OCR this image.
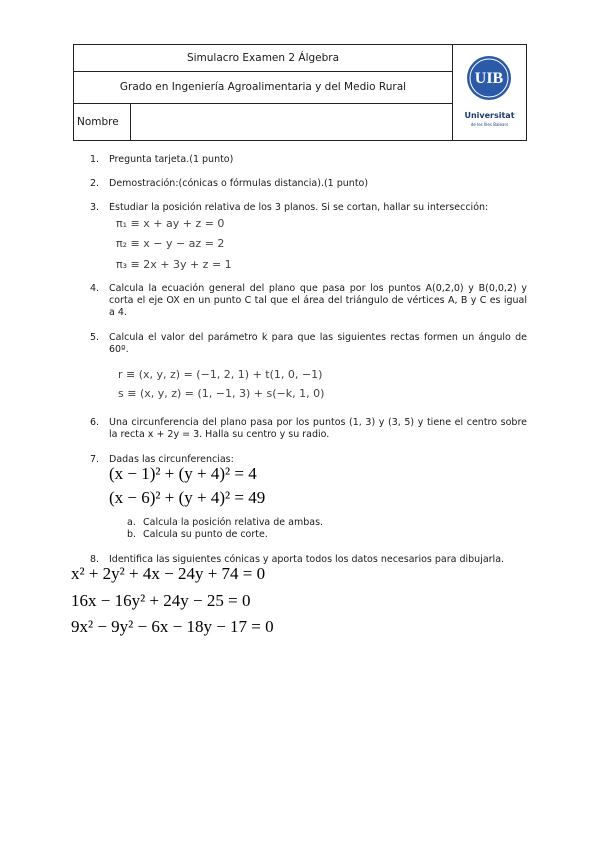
Simulacro Examen 2 Álgebra
Grado en Ingeniería Agroalimentaria y del Medio Rural
Nombre
UIB
Universitat
de les Illes Balears
1.	Pregunta tarjeta.(1 punto)
2.	Demostración:(cónicas o fórmulas distancia).(1 punto)
3.	Estudiar la posición relativa de los 3 planos. Si se cortan, hallar su intersección:
π₁ ≡ x + ay + z = 0
π₂ ≡ x − y − az = 2
π₃ ≡ 2x + 3y + z = 1
4.	Calcula la ecuación general del plano que pasa por los puntos A(0,2,0) y B(0,0,2) y corta el eje OX en un punto C tal que el área del triángulo de vértices A, B y C es igual a 4.
5.	Calcula el valor del parámetro k para que las siguientes rectas formen un ángulo de 60º.
r ≡ (x, y, z) = (−1, 2, 1) + t(1, 0, −1)
s ≡ (x, y, z) = (1, −1, 3) + s(−k, 1, 0)
6.	Una circunferencia del plano pasa por los puntos (1, 3) y (3, 5) y tiene el centro sobre la recta x + 2y = 3. Halla su centro y su radio.
7.	Dadas las circunferencias:
(x − 1)² + (y + 4)² = 4
(x − 6)² + (y + 4)² = 49
a. Calcula la posición relativa de ambas.
b. Calcula su punto de corte.
8.	Identifica las siguientes cónicas y aporta todos los datos necesarios para dibujarla.
x² + 2y² + 4x − 24y + 74 = 0
16x − 16y² + 24y − 25 = 0
9x² − 9y² − 6x − 18y − 17 = 0
